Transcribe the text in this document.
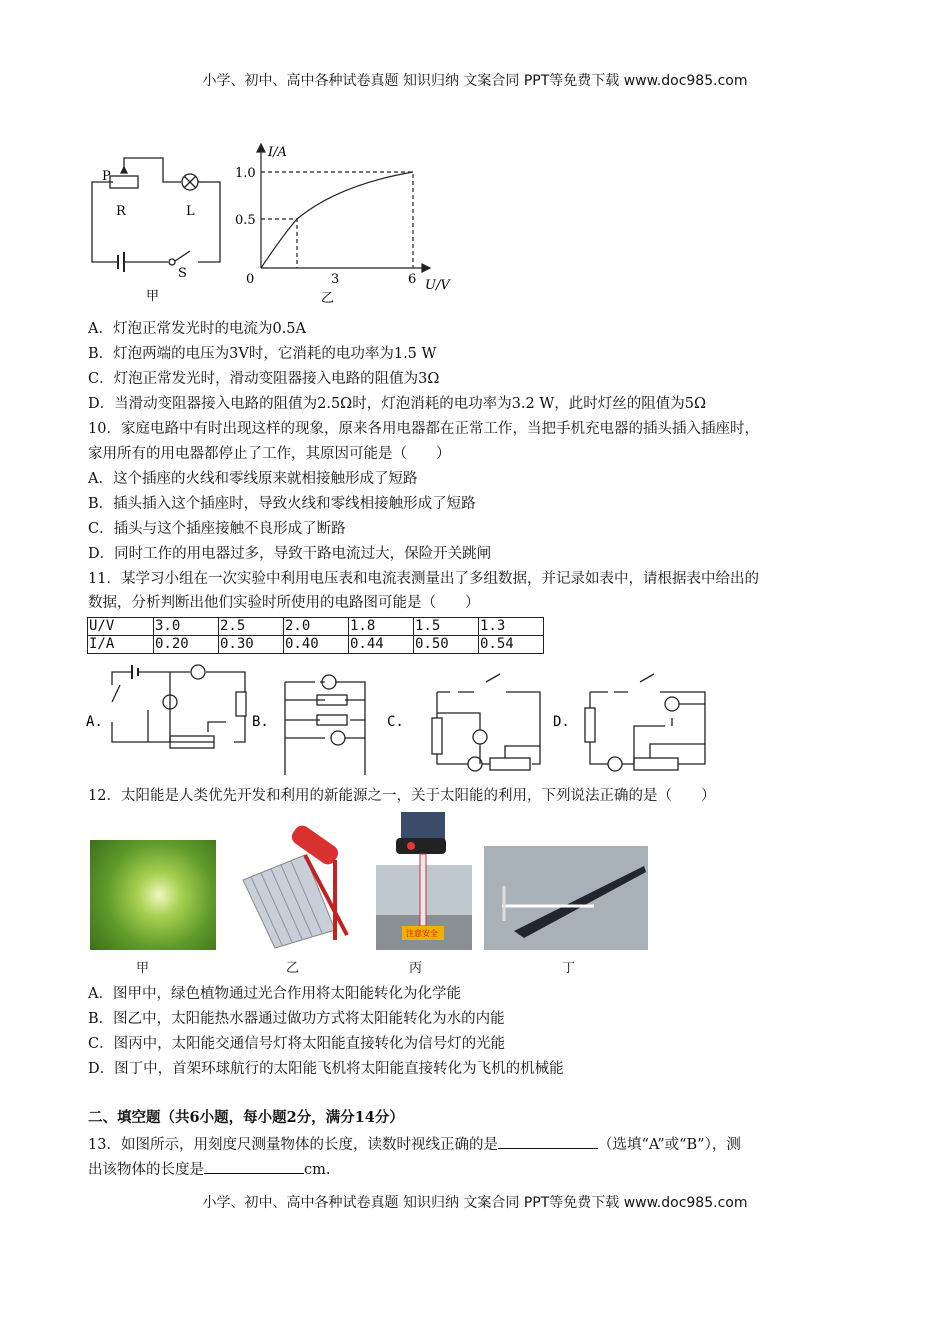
小学、初中、高中各种试卷真题 知识归纳 文案合同 PPT等免费下载 www.doc985.com
P
R	L
S
甲
I/A
U/V
0.5
1.0
0	3	6
乙
A．灯泡正常发光时的电流为0.5A
B．灯泡两端的电压为3V时，它消耗的电功率为1.5 W
C．灯泡正常发光时，滑动变阻器接入电路的阻值为3Ω
D．当滑动变阻器接入电路的阻值为2.5Ω时，灯泡消耗的电功率为3.2 W，此时灯丝的阻值为5Ω
10．家庭电路中有时出现这样的现象，原来各用电器都在正常工作，当把手机充电器的插头插入插座时，
家用所有的用电器都停止了工作，其原因可能是（　　）
A．这个插座的火线和零线原来就相接触形成了短路
B．插头插入这个插座时，导致火线和零线相接触形成了短路
C．插头与这个插座接触不良形成了断路
D．同时工作的用电器过多，导致干路电流过大，保险开关跳闸
11．某学习小组在一次实验中利用电压表和电流表测量出了多组数据，并记录如表中，请根据表中给出的
数据，分析判断出他们实验时所使用的电路图可能是（　　）
U/V	3.0	2.5	2.0	1.8	1.5	1.3
I/A	0.20	0.30	0.40	0.44	0.50	0.54
A.	B.	C.	D.
12．太阳能是人类优先开发和利用的新能源之一，关于太阳能的利用，下列说法正确的是（　　）
注意安全
甲	乙	丙	丁
A．图甲中，绿色植物通过光合作用将太阳能转化为化学能
B．图乙中，太阳能热水器通过做功方式将太阳能转化为水的内能
C．图丙中，太阳能交通信号灯将太阳能直接转化为信号灯的光能
D．图丁中，首架环球航行的太阳能飞机将太阳能直接转化为飞机的机械能
二、填空题（共6小题，每小题2分，满分14分）
13．如图所示，用刻度尺测量物体的长度，读数时视线正确的是	（选填“A”或“B”），测
出该物体的长度是	cm.
小学、初中、高中各种试卷真题 知识归纳 文案合同 PPT等免费下载 www.doc985.com
